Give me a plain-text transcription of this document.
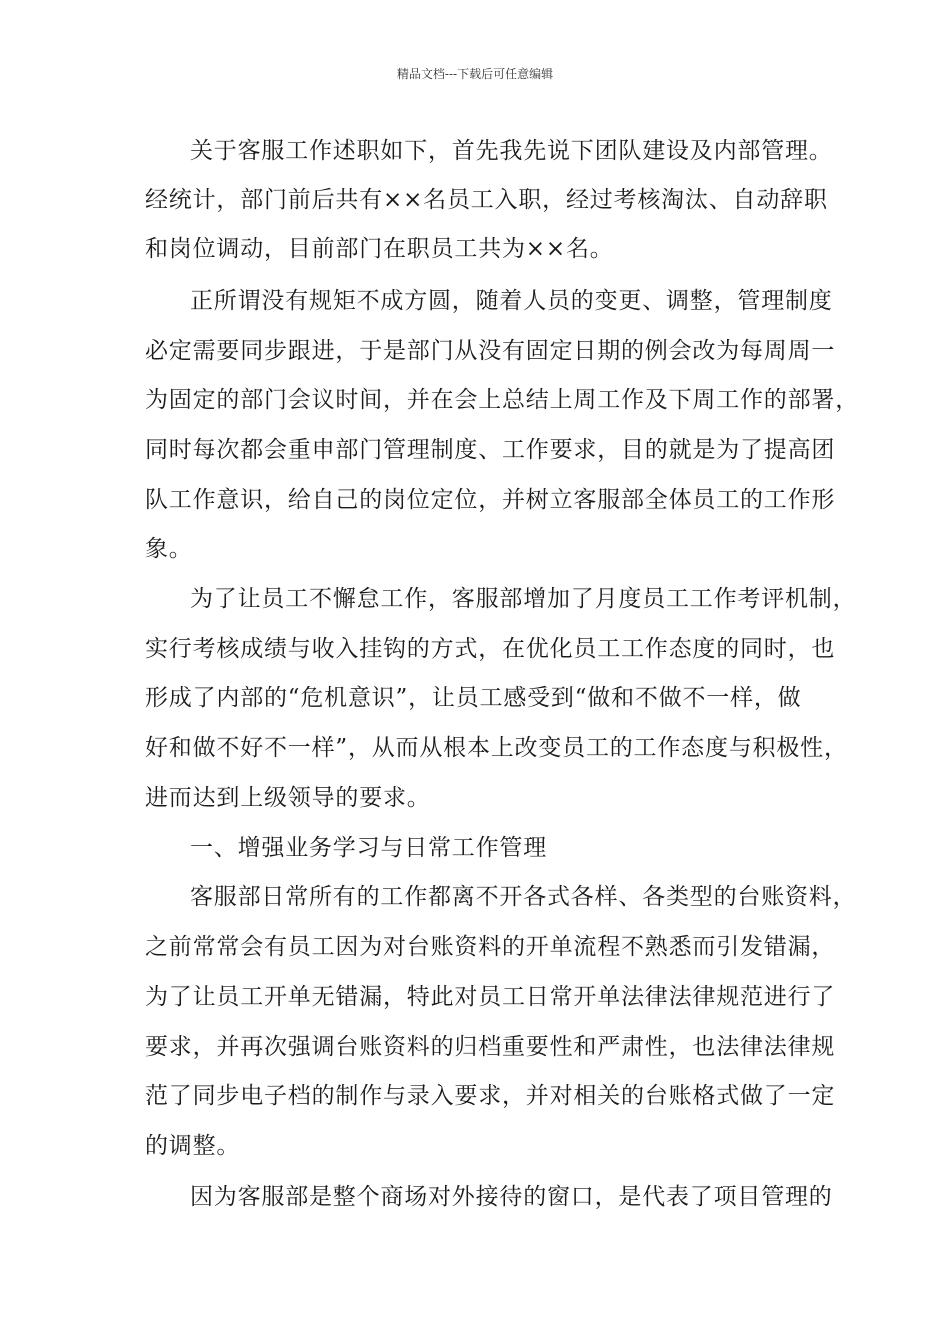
精品文档---下载后可任意编辑
关于客服工作述职如下，首先我先说下团队建设及内部管理。
经统计，部门前后共有××名员工入职，经过考核淘汰、自动辞职
和岗位调动，目前部门在职员工共为××名。
正所谓没有规矩不成方圆，随着人员的变更、调整，管理制度
必定需要同步跟进，于是部门从没有固定日期的例会改为每周周一
为固定的部门会议时间，并在会上总结上周工作及下周工作的部署，
同时每次都会重申部门管理制度、工作要求，目的就是为了提高团
队工作意识，给自己的岗位定位，并树立客服部全体员工的工作形
象。
为了让员工不懈怠工作，客服部增加了月度员工工作考评机制，
实行考核成绩与收入挂钩的方式，在优化员工工作态度的同时，也
形成了内部的“危机意识”，让员工感受到“做和不做不一样，做
好和做不好不一样”，从而从根本上改变员工的工作态度与积极性，
进而达到上级领导的要求。
一、增强业务学习与日常工作管理
客服部日常所有的工作都离不开各式各样、各类型的台账资料，
之前常常会有员工因为对台账资料的开单流程不熟悉而引发错漏，
为了让员工开单无错漏，特此对员工日常开单法律法律规范进行了
要求，并再次强调台账资料的归档重要性和严肃性，也法律法律规
范了同步电子档的制作与录入要求，并对相关的台账格式做了一定
的调整。
因为客服部是整个商场对外接待的窗口，是代表了项目管理的
